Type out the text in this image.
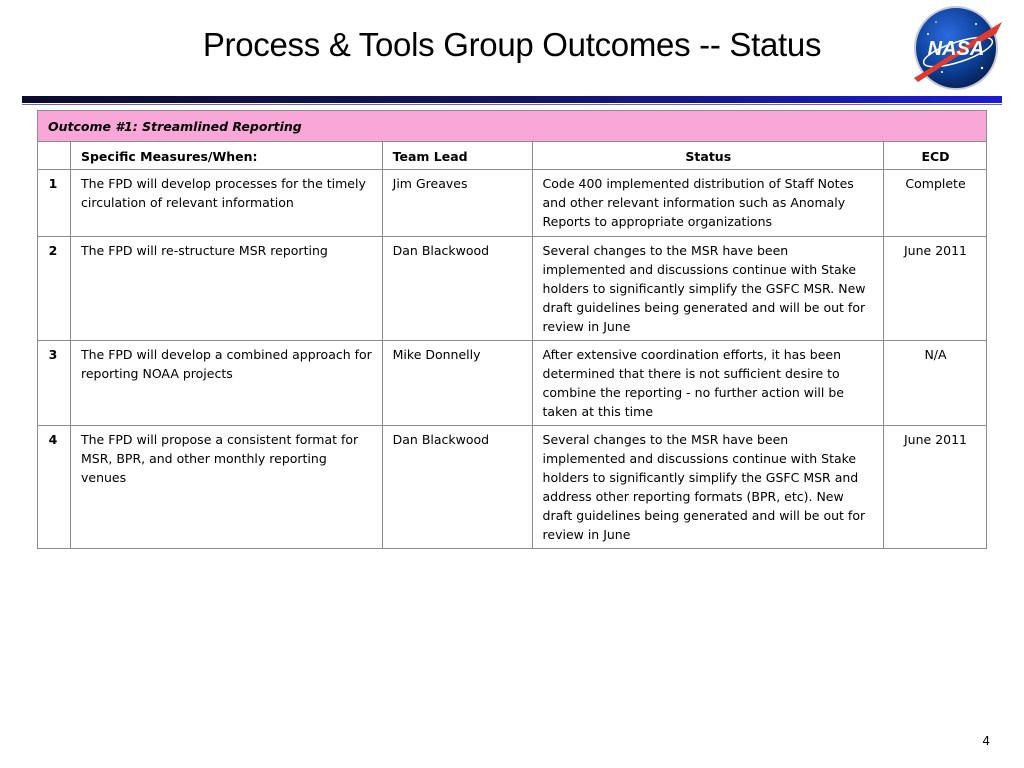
Process & Tools Group Outcomes -- Status	NASA
Outcome #1: Streamlined Reporting				
	Specific Measures/When:	Team Lead	Status	ECD
1	The FPD will develop processes for the timely circulation of relevant information	Jim Greaves	Code 400 implemented distribution of Staff Notes and other relevant information such as Anomaly Reports to appropriate organizations	Complete
2	The FPD will re-structure MSR reporting	Dan Blackwood	Several changes to the MSR have been implemented and discussions continue with Stake holders to significantly simplify the GSFC MSR. New draft guidelines being generated and will be out for review in June	June 2011
3	The FPD will develop a combined approach for reporting NOAA projects	Mike Donnelly	After extensive coordination efforts, it has been determined that there is not sufficient desire to combine the reporting - no further action will be taken at this time	N/A
4	The FPD will propose a consistent format for MSR, BPR, and other monthly reporting venues	Dan Blackwood	Several changes to the MSR have been implemented and discussions continue with Stake holders to significantly simplify the GSFC MSR and address other reporting formats (BPR, etc). New draft guidelines being generated and will be out for review in June	June 2011
4
